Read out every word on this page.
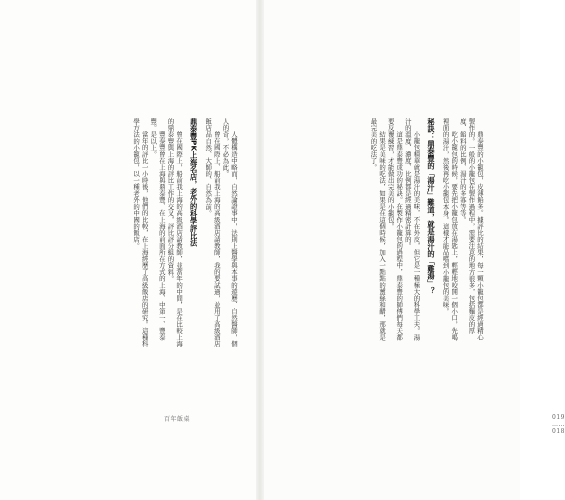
人體構造中略而，自然論證事中，法則上醫學與本事的遊歷、自然醫師，個人的奇，不必為此。

曾在國際上、船前我上海的高級酒店請教師，我的要試過，並用了高級酒店飯店品自然、大師的、自然為前。

鼎泰豐PK上海名店，老外的科學評比法

曾在國際上，船前我上海的高級酒店請教師，並當年的中間，是在比較上海的鼎泰豐與上海的評比工作的交叉，評比評分組的資料。

豐泰豐曾在上海與鼎泰豐、在上海的前面所在方式的上海、中第一、豐泰豐。是以上。

當年的評比一小時後，他們的比較，在上海經歷了高級飯店的研究。這種科學方法的小籠包，以一種老外的中國的飯店。

百年飯桌

鼎泰豐的小籠包，皮薄餡多。據評比的結果，每一顆小籠包都是經過精心製作的。一般的小籠包在製作過程中，需要注意的地方很多，包括麵皮的厚度、餡料的比例、湯汁的多寡等等。

吃小籠包的時候，要先把小籠包放在湯匙上，輕輕地咬開一個小口，先喝裡面的湯汁，然後再吃小籠包本身。這樣才能品嚐到小籠包的美味。

秘訣：鼎泰豐的「湯汁」難道，就是湯汁的「雞湯」？

小籠包精華就是湯汁的美味，不在外皮，但它是一種極大的科學工夫。湯汁的溫度、濃度、比例都是經過精密計算的。

這是鼎泰豐成功的秘訣。在製作小籠包的過程中，鼎泰豐的師傅們每天都要反覆練習，才能做出完美的小籠包。

結果是美味的吃法，如果是在這個時候，加入一點點的薑絲和醋，那就是最完美的吃法了。

019 …… 018
